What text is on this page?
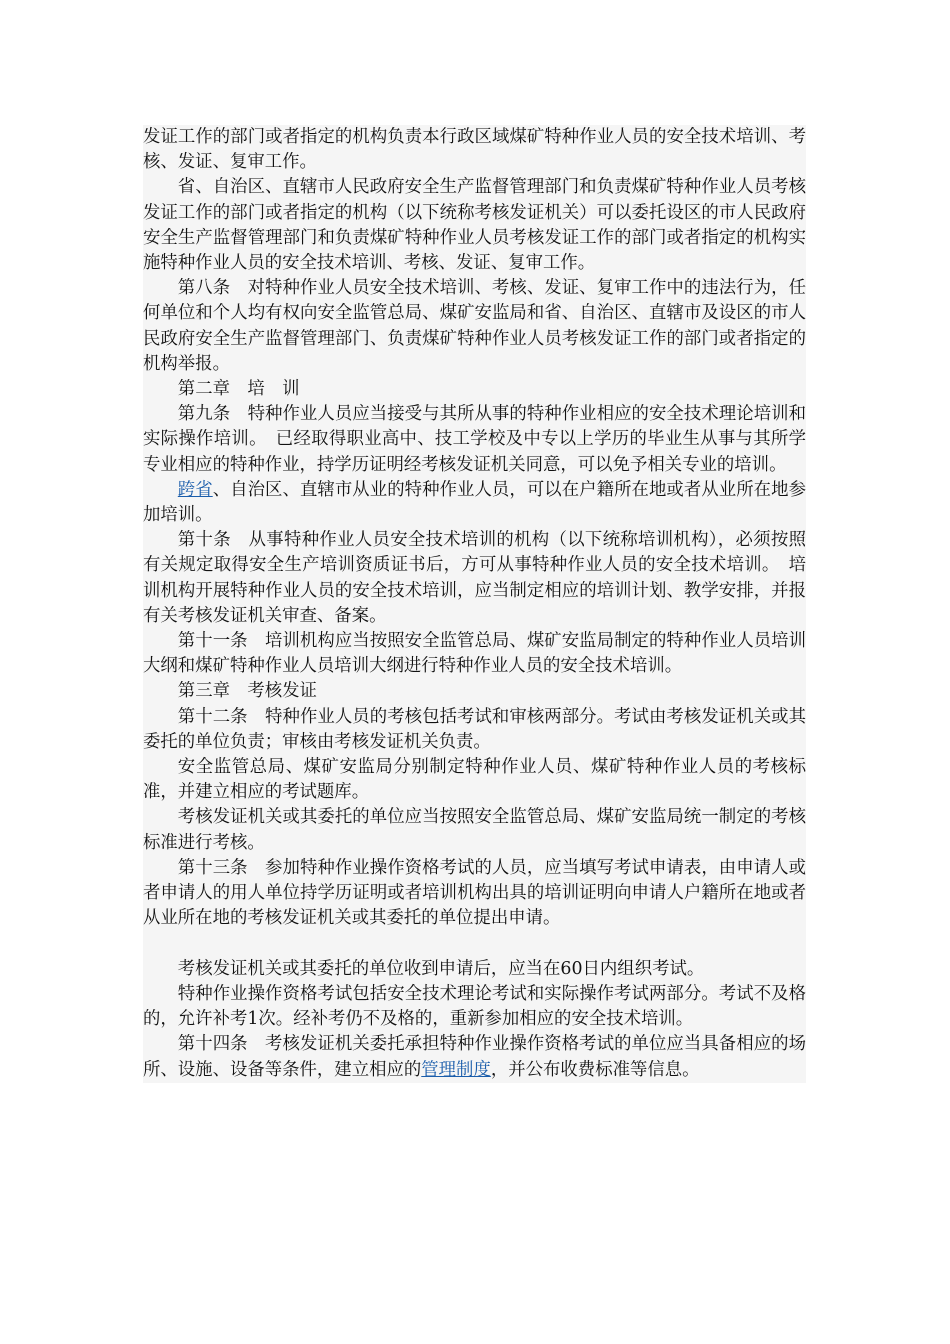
发证工作的部门或者指定的机构负责本行政区域煤矿特种作业人员的安全技术培训、考核、发证、复审工作。

省、自治区、直辖市人民政府安全生产监督管理部门和负责煤矿特种作业人员考核发证工作的部门或者指定的机构（以下统称考核发证机关）可以委托设区的市人民政府安全生产监督管理部门和负责煤矿特种作业人员考核发证工作的部门或者指定的机构实施特种作业人员的安全技术培训、考核、发证、复审工作。

第八条　对特种作业人员安全技术培训、考核、发证、复审工作中的违法行为，任何单位和个人均有权向安全监管总局、煤矿安监局和省、自治区、直辖市及设区的市人民政府安全生产监督管理部门、负责煤矿特种作业人员考核发证工作的部门或者指定的机构举报。

第二章　培　训

第九条　特种作业人员应当接受与其所从事的特种作业相应的安全技术理论培训和实际操作培训。　已经取得职业高中、技工学校及中专以上学历的毕业生从事与其所学专业相应的特种作业，持学历证明经考核发证机关同意，可以免予相关专业的培训。

跨省、自治区、直辖市从业的特种作业人员，可以在户籍所在地或者从业所在地参加培训。

第十条　从事特种作业人员安全技术培训的机构（以下统称培训机构），必须按照有关规定取得安全生产培训资质证书后，方可从事特种作业人员的安全技术培训。　培训机构开展特种作业人员的安全技术培训，应当制定相应的培训计划、教学安排，并报有关考核发证机关审查、备案。

第十一条　培训机构应当按照安全监管总局、煤矿安监局制定的特种作业人员培训大纲和煤矿特种作业人员培训大纲进行特种作业人员的安全技术培训。

第三章　考核发证

第十二条　特种作业人员的考核包括考试和审核两部分。考试由考核发证机关或其委托的单位负责；审核由考核发证机关负责。

安全监管总局、煤矿安监局分别制定特种作业人员、煤矿特种作业人员的考核标准，并建立相应的考试题库。

考核发证机关或其委托的单位应当按照安全监管总局、煤矿安监局统一制定的考核标准进行考核。

第十三条　参加特种作业操作资格考试的人员，应当填写考试申请表，由申请人或者申请人的用人单位持学历证明或者培训机构出具的培训证明向申请人户籍所在地或者从业所在地的考核发证机关或其委托的单位提出申请。

考核发证机关或其委托的单位收到申请后，应当在60日内组织考试。

特种作业操作资格考试包括安全技术理论考试和实际操作考试两部分。考试不及格的，允许补考1次。经补考仍不及格的，重新参加相应的安全技术培训。

第十四条　考核发证机关委托承担特种作业操作资格考试的单位应当具备相应的场所、设施、设备等条件，建立相应的管理制度，并公布收费标准等信息。
